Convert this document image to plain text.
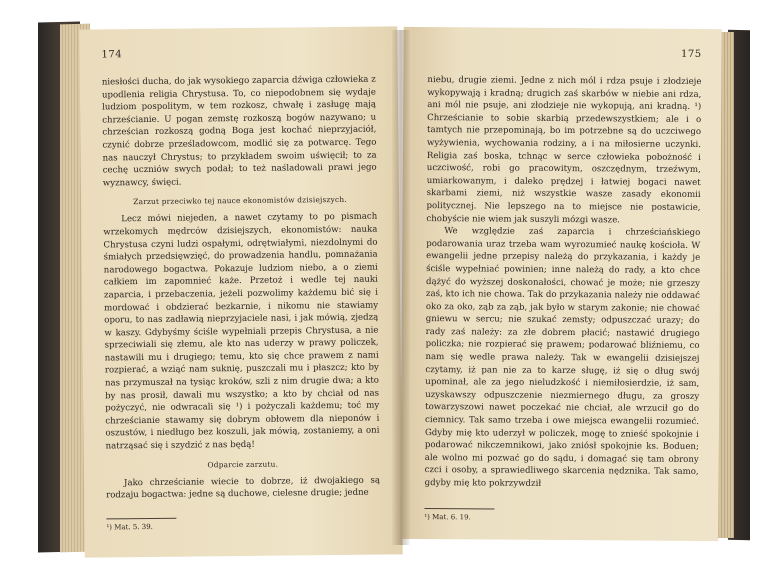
174

niesłości ducha, do jak wysokiego zaparcia dźwiga człowieka z upodlenia religia Chrystusa. To, co niepodobnem się wydaje ludziom pospolitym, w tem rozkosz, chwałę i zasługę mają chrześcianie. U pogan zemstę rozkoszą bogów nazywano; u chrześcian rozkoszą godną Boga jest kochać nieprzyjaciół, czynić dobrze prześladowcom, modlić się za potwarcę. Tego nas nauczył Chrystus; to przykładem swoim uświęcił; to za cechę uczniów swych podał; to też naśladowali prawi jego wyznawcy, święci.

Zarzut przeciwko tej nauce ekonomistów dzisiejszych.

Lecz mówi niejeden, a nawet czytamy to po pismach wrzekomych mędrców dzisiejszych, ekonomistów: nauka Chrystusa czyni ludzi ospałymi, odrętwiałymi, niezdolnymi do śmiałych przedsięwzięć, do prowadzenia handlu, pomnażania narodowego bogactwa. Pokazuje ludziom niebo, a o ziemi całkiem im zapomnieć każe. Przetoż i wedle tej nauki zaparcia, i przebaczenia, jeżeli pozwolimy każdemu bić się i mordować i obdzierać bezkarnie, i nikomu nie stawiamy oporu, to nas zadławią nieprzyjaciele nasi, i jak mówią, zjedzą w kaszy. Gdybyśmy ściśle wypełniali przepis Chrystusa, a nie sprzeciwiali się złemu, ale kto nas uderzy w prawy policzek, nastawili mu i drugiego; temu, kto się chce prawem z nami rozpierać, a wziąć nam suknię, puszczali mu i płaszcz; kto by nas przymuszał na tysiąc kroków, szli z nim drugie dwa; a kto by nas prosił, dawali mu wszystko; a kto by chciał od nas pożyczyć, nie odwracali się ¹) i pożyczali każdemu; toć my chrześcianie stawamy się dobrym obłowem dla nieponów i oszustów, i niedługo bez koszuli, jak mówią, zostaniemy, a oni natrząsać się i szydzić z nas będą!

Odparcie zarzutu.

Jako chrześcianie wiecie to dobrze, iż dwojakiego są rodzaju bogactwa: jedne są duchowe, cielesne drugie; jedne

¹) Mat. 5. 39.

175

niebu, drugie ziemi. Jedne z nich mól i rdza psuje i złodzieje wykopywają i kradną; drugich zaś skarbów w niebie ani rdza, ani mól nie psuje, ani złodzieje nie wykopują, ani kradną. ¹) Chrześcianie to sobie skarbią przedewszystkiem; ale i o tamtych nie przepominają, bo im potrzebne są do uczciwego wyżywienia, wychowania rodziny, a i na miłosierne uczynki. Religia zaś boska, tchnąc w serce człowieka pobożność i uczciwość, robi go pracowitym, oszczędnym, trzeźwym, umiarkowanym, i daleko prędzej i łatwiej bogaci nawet skarbami ziemi, niż wszystkie wasze zasady ekonomii politycznej. Nie lepszego na to miejsce nie postawicie, chobyście nie wiem jak suszyli mózgi wasze.

We względzie zaś zaparcia i chrześciańskiego podarowania uraz trzeba wam wyrozumieć naukę kościoła. W ewangelii jedne przepisy należą do przykazania, i każdy je ściśle wypełniać powinien; inne należą do rady, a kto chce dążyć do wyższej doskonałości, chować je może; nie grzeszy zaś, kto ich nie chowa. Tak do przykazania należy nie oddawać oko za oko, ząb za ząb, jak było w starym zakonie; nie chować gniewu w sercu; nie szukać zemsty; odpuszczać urazy; do rady zaś należy: za złe dobrem płacić; nastawić drugiego policzka; nie rozpierać się prawem; podarować bliźniemu, co nam się wedle prawa należy. Tak w ewangelii dzisiejszej czytamy, iż pan nie za to karze sługę, iż się o dług swój upominał, ale za jego nieludzkość i niemiłosierdzie, iż sam, uzyskawszy odpuszczenie niezmiernego długu, za groszy towarzyszowi nawet poczekać nie chciał, ale wrzucił go do ciemnicy. Tak samo trzeba i owe miejsca ewangelii rozumieć. Gdyby mię kto uderzył w policzek, mogę to znieść spokojnie i podarować nikczemnikowi, jako zniósł spokojnie ks. Boduen; ale wolno mi pozwać go do sądu, i domagać się tam obrony czci i osoby, a sprawiedliwego skarcenia nędznika. Tak samo, gdyby mię kto pokrzywdził

¹) Mat. 6. 19.
